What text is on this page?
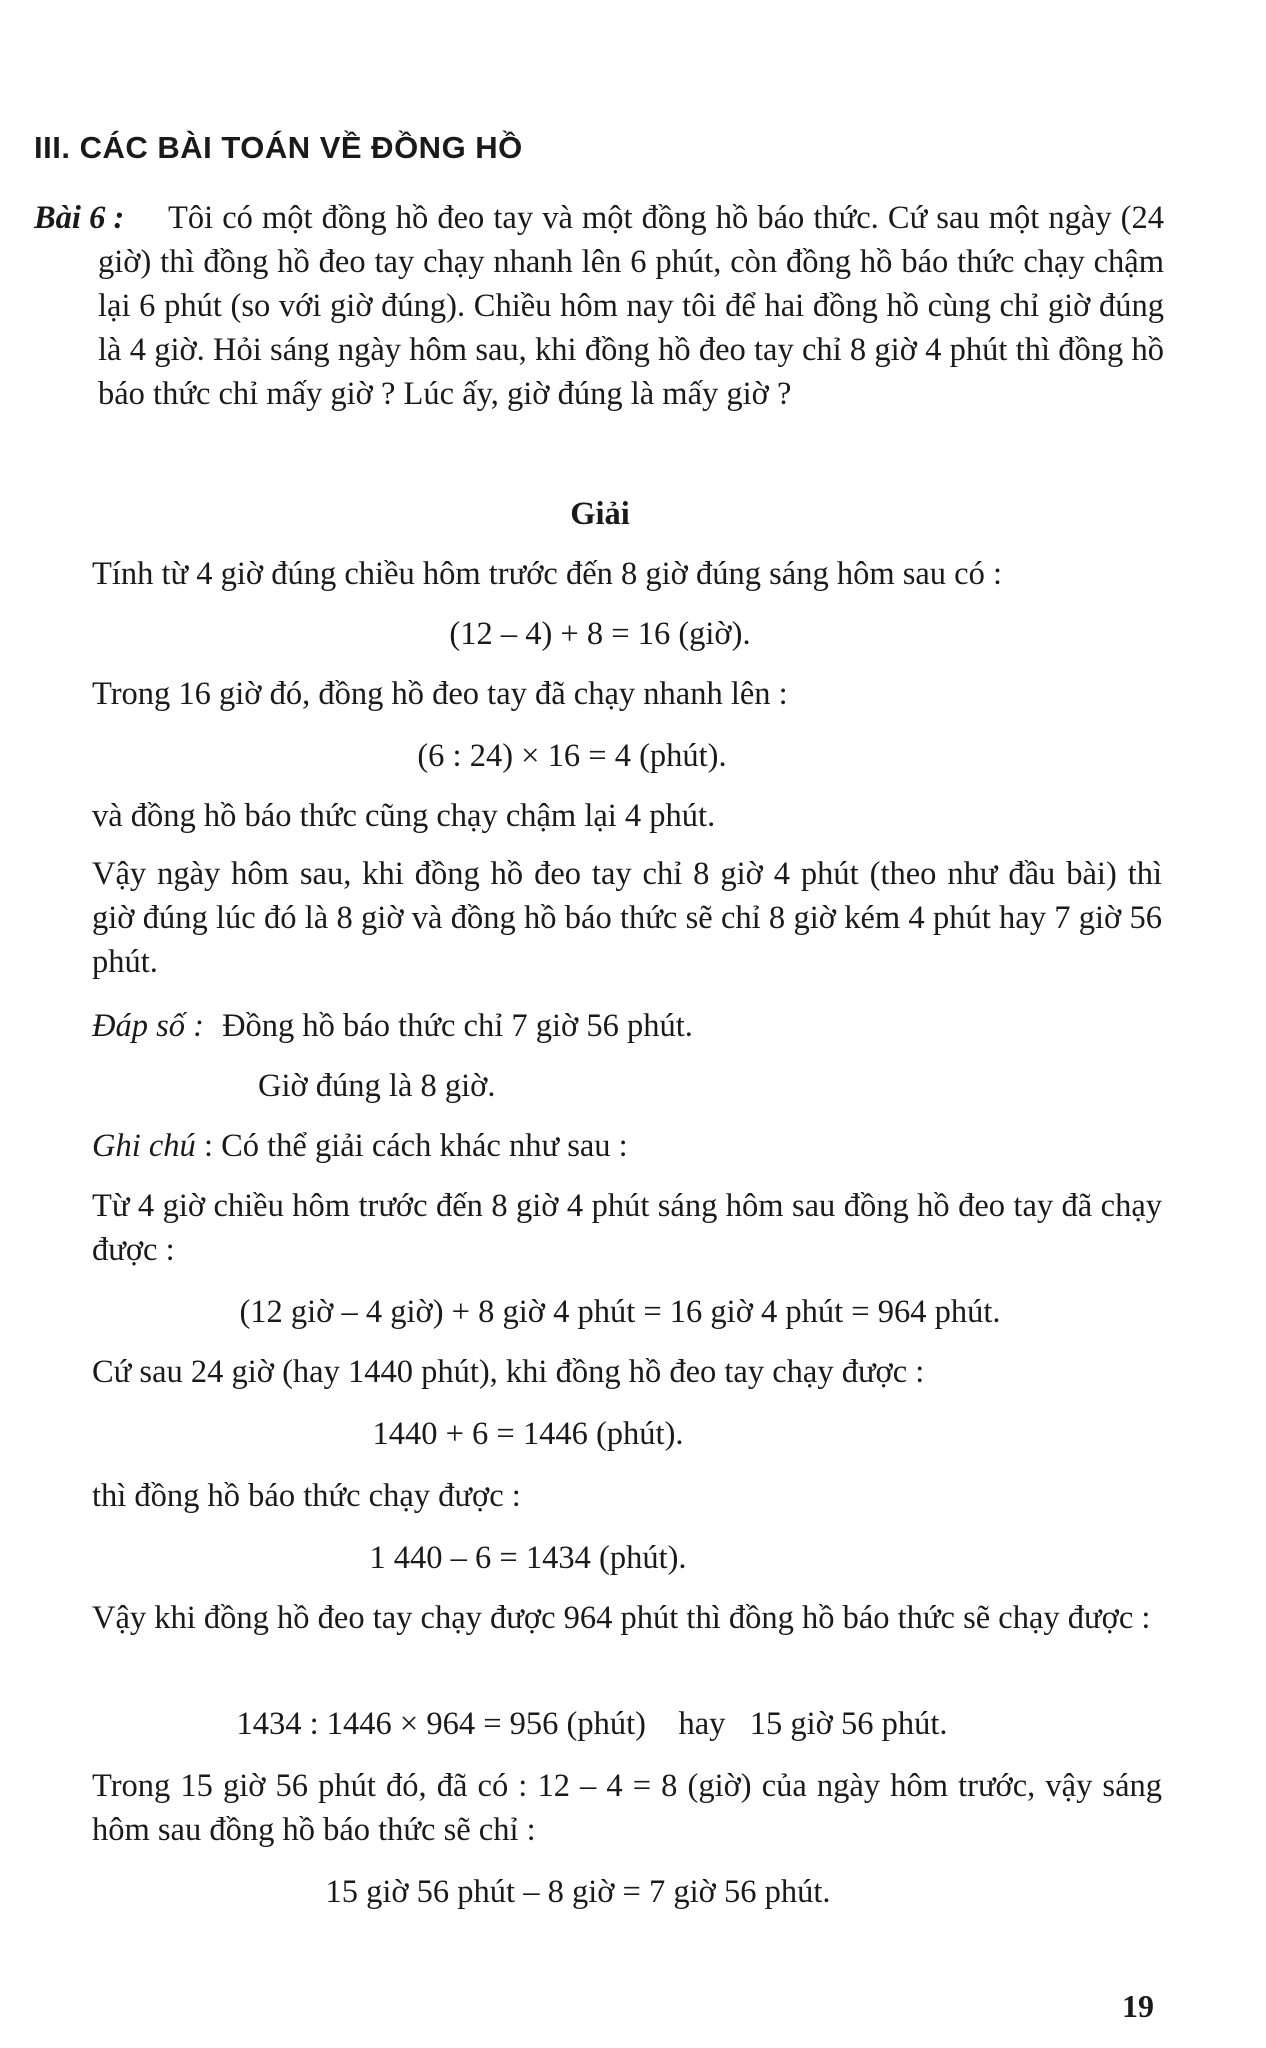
III. CÁC BÀI TOÁN VỀ ĐỒNG HỒ
Bài 6 :	Tôi có một đồng hồ đeo tay và một đồng hồ báo thức. Cứ sau một ngày (24 giờ) thì đồng hồ đeo tay chạy nhanh lên 6 phút, còn đồng hồ báo thức chạy chậm lại 6 phút (so với giờ đúng). Chiều hôm nay tôi để hai đồng hồ cùng chỉ giờ đúng là 4 giờ. Hỏi sáng ngày hôm sau, khi đồng hồ đeo tay chỉ 8 giờ 4 phút thì đồng hồ báo thức chỉ mấy giờ ? Lúc ấy, giờ đúng là mấy giờ ?
Giải
Tính từ 4 giờ đúng chiều hôm trước đến 8 giờ đúng sáng hôm sau có :
(12 – 4) + 8 = 16 (giờ).
Trong 16 giờ đó, đồng hồ đeo tay đã chạy nhanh lên :
(6 : 24) × 16 = 4 (phút).
và đồng hồ báo thức cũng chạy chậm lại 4 phút.
Vậy ngày hôm sau, khi đồng hồ đeo tay chỉ 8 giờ 4 phút (theo như đầu bài) thì giờ đúng lúc đó là 8 giờ và đồng hồ báo thức sẽ chỉ 8 giờ kém 4 phút hay 7 giờ 56 phút.
Đáp số : Đồng hồ báo thức chỉ 7 giờ 56 phút.
Giờ đúng là 8 giờ.
Ghi chú : Có thể giải cách khác như sau :
Từ 4 giờ chiều hôm trước đến 8 giờ 4 phút sáng hôm sau đồng hồ đeo tay đã chạy được :
(12 giờ – 4 giờ) + 8 giờ 4 phút = 16 giờ 4 phút = 964 phút.
Cứ sau 24 giờ (hay 1440 phút), khi đồng hồ đeo tay chạy được :
1440 + 6 = 1446 (phút).
thì đồng hồ báo thức chạy được :
1 440 – 6 = 1434 (phút).
Vậy khi đồng hồ đeo tay chạy được 964 phút thì đồng hồ báo thức sẽ chạy được :
1434 : 1446 × 964 = 956 (phút)    hay   15 giờ 56 phút.
Trong 15 giờ 56 phút đó, đã có : 12 – 4 = 8 (giờ) của ngày hôm trước, vậy sáng hôm sau đồng hồ báo thức sẽ chỉ :
15 giờ 56 phút – 8 giờ = 7 giờ 56 phút.
19
